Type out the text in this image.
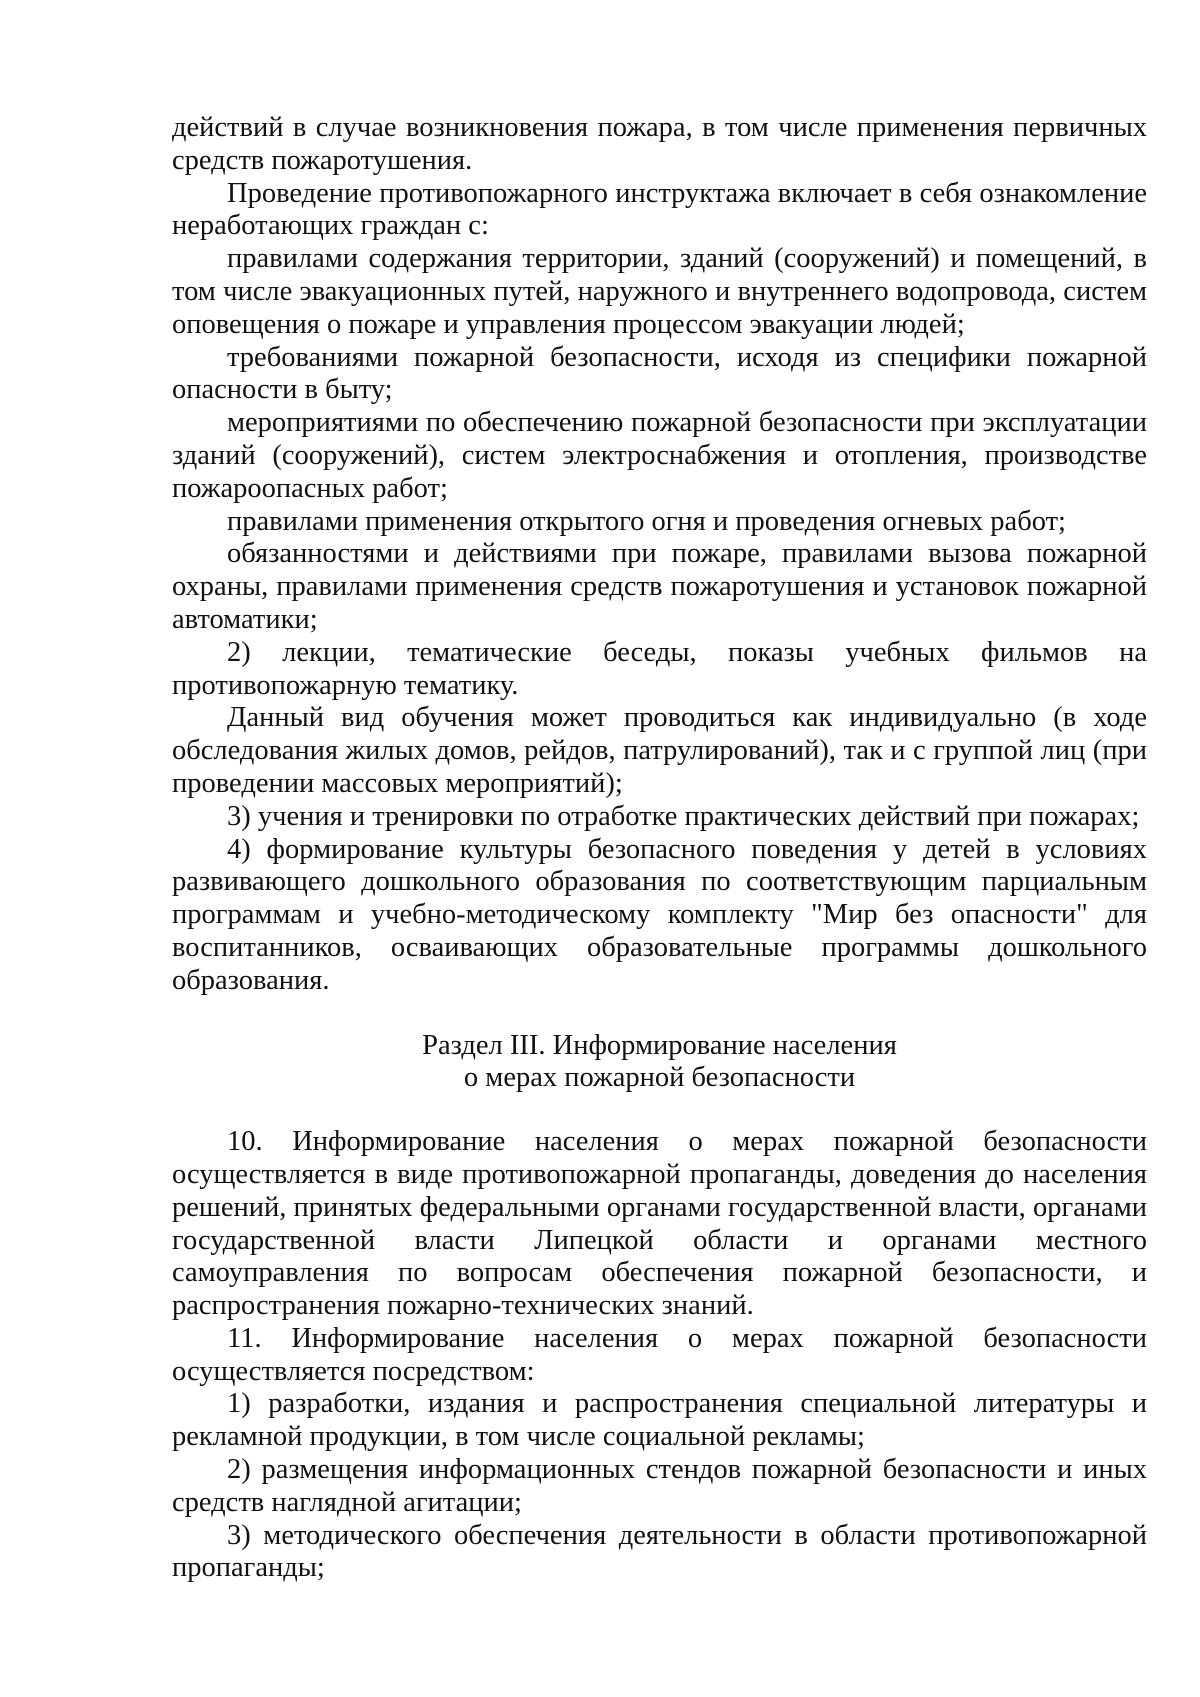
действий в случае возникновения пожара, в том числе применения первичных средств пожаротушения.

Проведение противопожарного инструктажа включает в себя ознакомление неработающих граждан с:

правилами содержания территории, зданий (сооружений) и помещений, в том числе эвакуационных путей, наружного и внутреннего водопровода, систем оповещения о пожаре и управления процессом эвакуации людей;

требованиями пожарной безопасности, исходя из специфики пожарной опасности в быту;

мероприятиями по обеспечению пожарной безопасности при эксплуатации зданий (сооружений), систем электроснабжения и отопления, производстве пожароопасных работ;

правилами применения открытого огня и проведения огневых работ;

обязанностями и действиями при пожаре, правилами вызова пожарной охраны, правилами применения средств пожаротушения и установок пожарной автоматики;

2) лекции, тематические беседы, показы учебных фильмов на противопожарную тематику.

Данный вид обучения может проводиться как индивидуально (в ходе обследования жилых домов, рейдов, патрулирований), так и с группой лиц (при проведении массовых мероприятий);

3) учения и тренировки по отработке практических действий при пожарах;

4) формирование культуры безопасного поведения у детей в условиях развивающего дошкольного образования по соответствующим парциальным программам и учебно-методическому комплекту "Мир без опасности" для воспитанников, осваивающих образовательные программы дошкольного образования.

Раздел III. Информирование населения

о мерах пожарной безопасности

10. Информирование населения о мерах пожарной безопасности осуществляется в виде противопожарной пропаганды, доведения до населения решений, принятых федеральными органами государственной власти, органами государственной власти Липецкой области и органами местного самоуправления по вопросам обеспечения пожарной безопасности, и распространения пожарно-технических знаний.

11. Информирование населения о мерах пожарной безопасности осуществляется посредством:

1) разработки, издания и распространения специальной литературы и рекламной продукции, в том числе социальной рекламы;

2) размещения информационных стендов пожарной безопасности и иных средств наглядной агитации;

3) методического обеспечения деятельности в области противопожарной пропаганды;
